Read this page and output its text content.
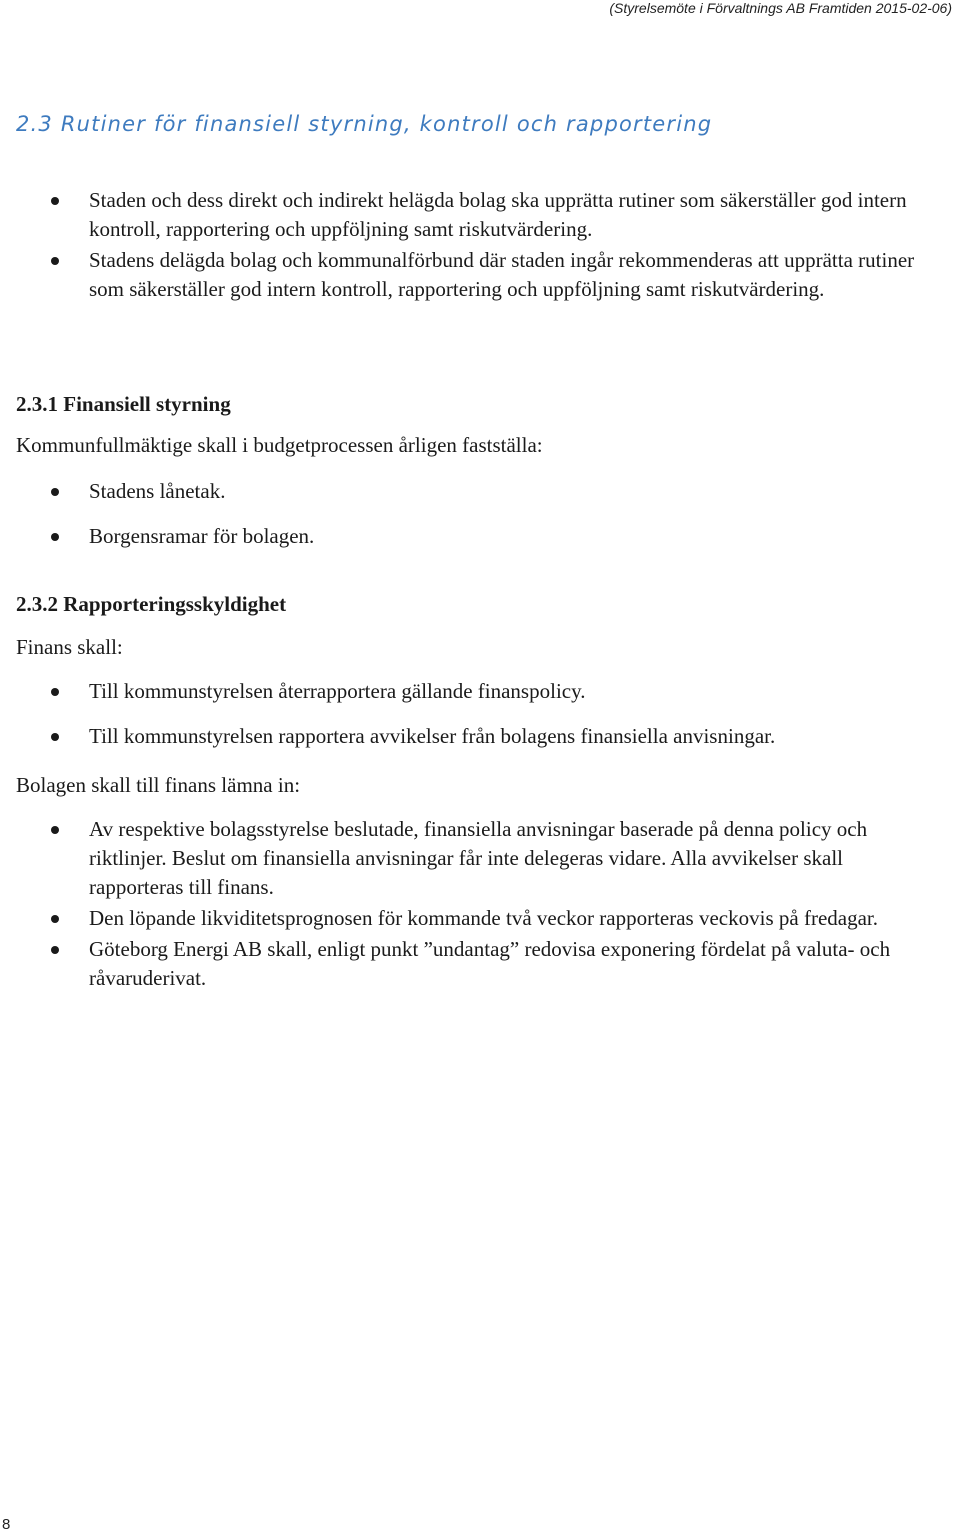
(Styrelsemöte i Förvaltnings AB Framtiden 2015-02-06)
2.3 Rutiner för finansiell styrning, kontroll och rapportering
Staden och dess direkt och indirekt helägda bolag ska upprätta rutiner som säkerställer god intern kontroll, rapportering och uppföljning samt riskutvärdering.
Stadens delägda bolag och kommunalförbund där staden ingår rekommenderas att upprätta rutiner som säkerställer god intern kontroll, rapportering och uppföljning samt riskutvärdering.
2.3.1 Finansiell styrning
Kommunfullmäktige skall i budgetprocessen årligen fastställa:
Stadens lånetak.
Borgensramar för bolagen.
2.3.2 Rapporteringsskyldighet
Finans skall:
Till kommunstyrelsen återrapportera gällande finanspolicy.
Till kommunstyrelsen rapportera avvikelser från bolagens finansiella anvisningar.
Bolagen skall till finans lämna in:
Av respektive bolagsstyrelse beslutade, finansiella anvisningar baserade på denna policy och riktlinjer. Beslut om finansiella anvisningar får inte delegeras vidare. Alla avvikelser skall rapporteras till finans.
Den löpande likviditetsprognosen för kommande två veckor rapporteras veckovis på fredagar.
Göteborg Energi AB skall, enligt punkt ”undantag” redovisa exponering fördelat på valuta- och råvaruderivat.
8
